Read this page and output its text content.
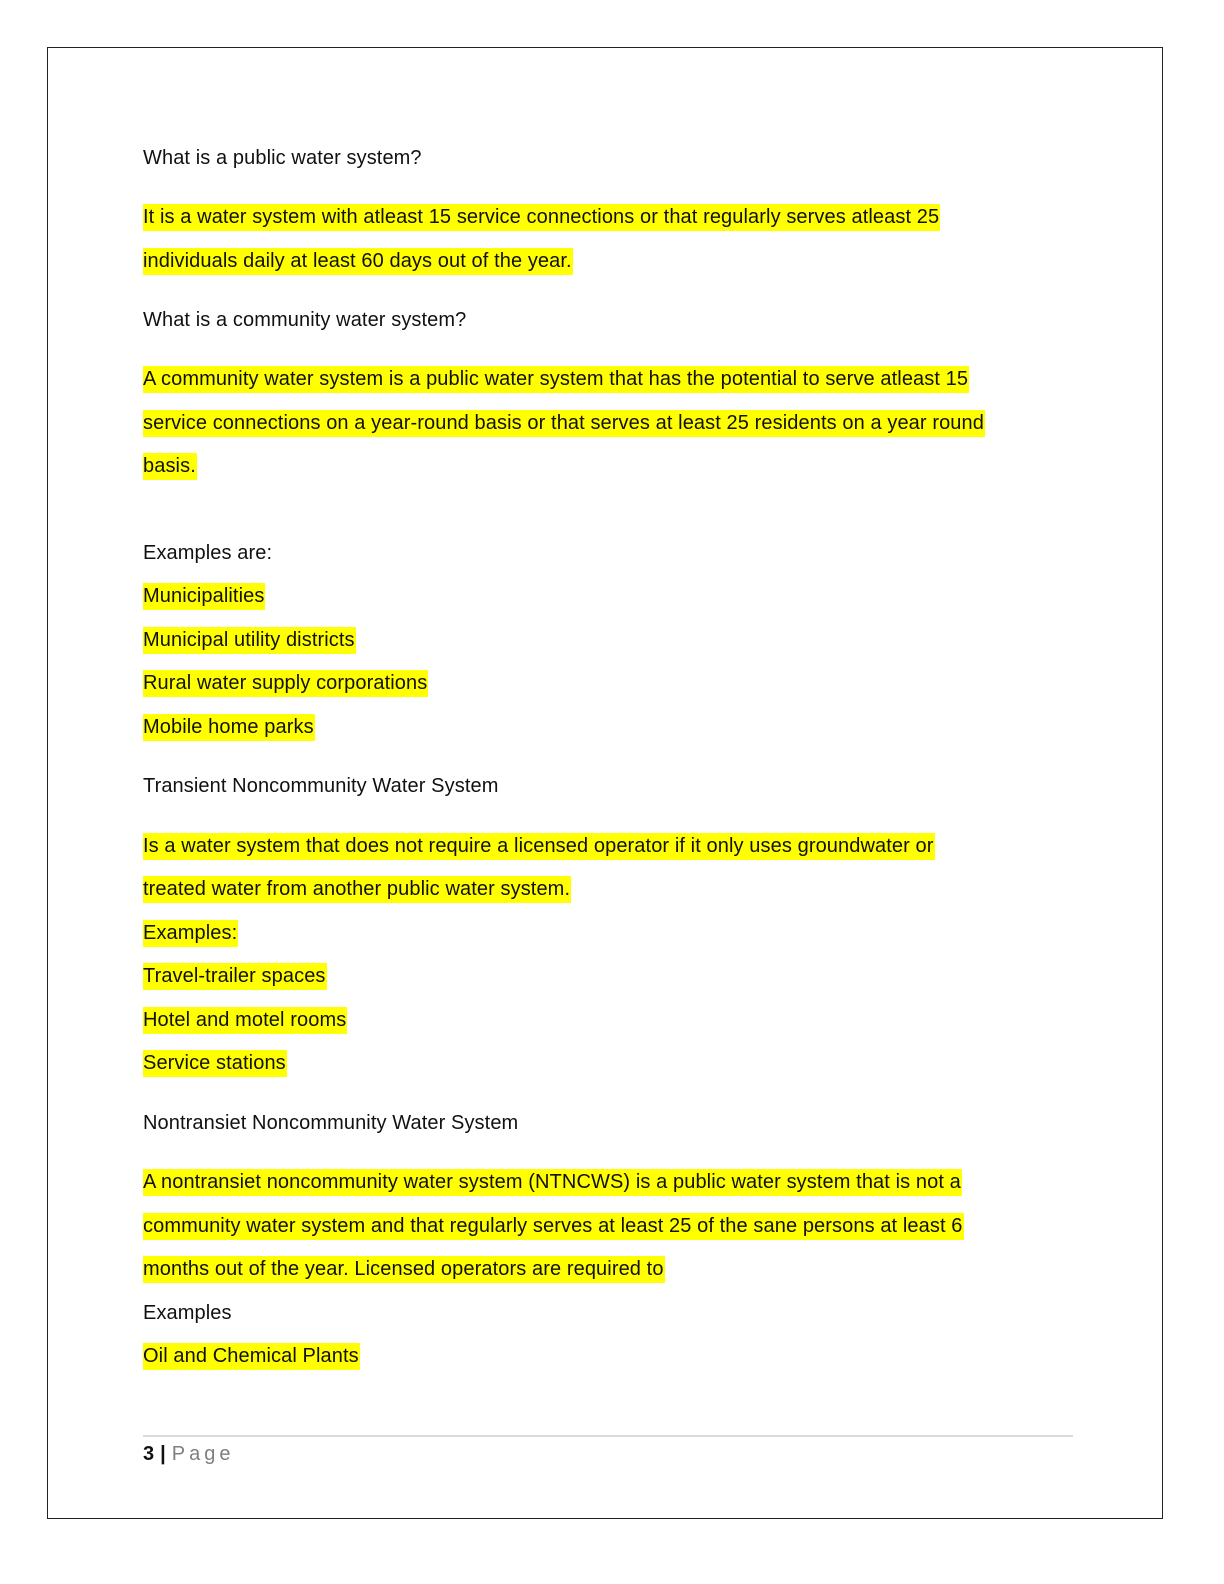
What is a public water system?
It is a water system with atleast 15 service connections or that regularly serves atleast 25
individuals daily at least 60 days out of the year.
What is a community water system?
A community water system is a public water system that has the potential to serve atleast 15
service connections on a year-round basis or that serves at least 25 residents on a year round
basis.
Examples are:
Municipalities
Municipal utility districts
Rural water supply corporations
Mobile home parks
Transient Noncommunity Water System
Is a water system that does not require a licensed operator if it only uses groundwater or
treated water from another public water system.
Examples:
Travel-trailer spaces
Hotel and motel rooms
Service stations
Nontransiet Noncommunity Water System
A nontransiet noncommunity water system (NTNCWS) is a public water system that is not a
community water system and that regularly serves at least 25 of the sane persons at least 6
months out of the year. Licensed operators are required to
Examples
Oil and Chemical Plants
3 | Page
